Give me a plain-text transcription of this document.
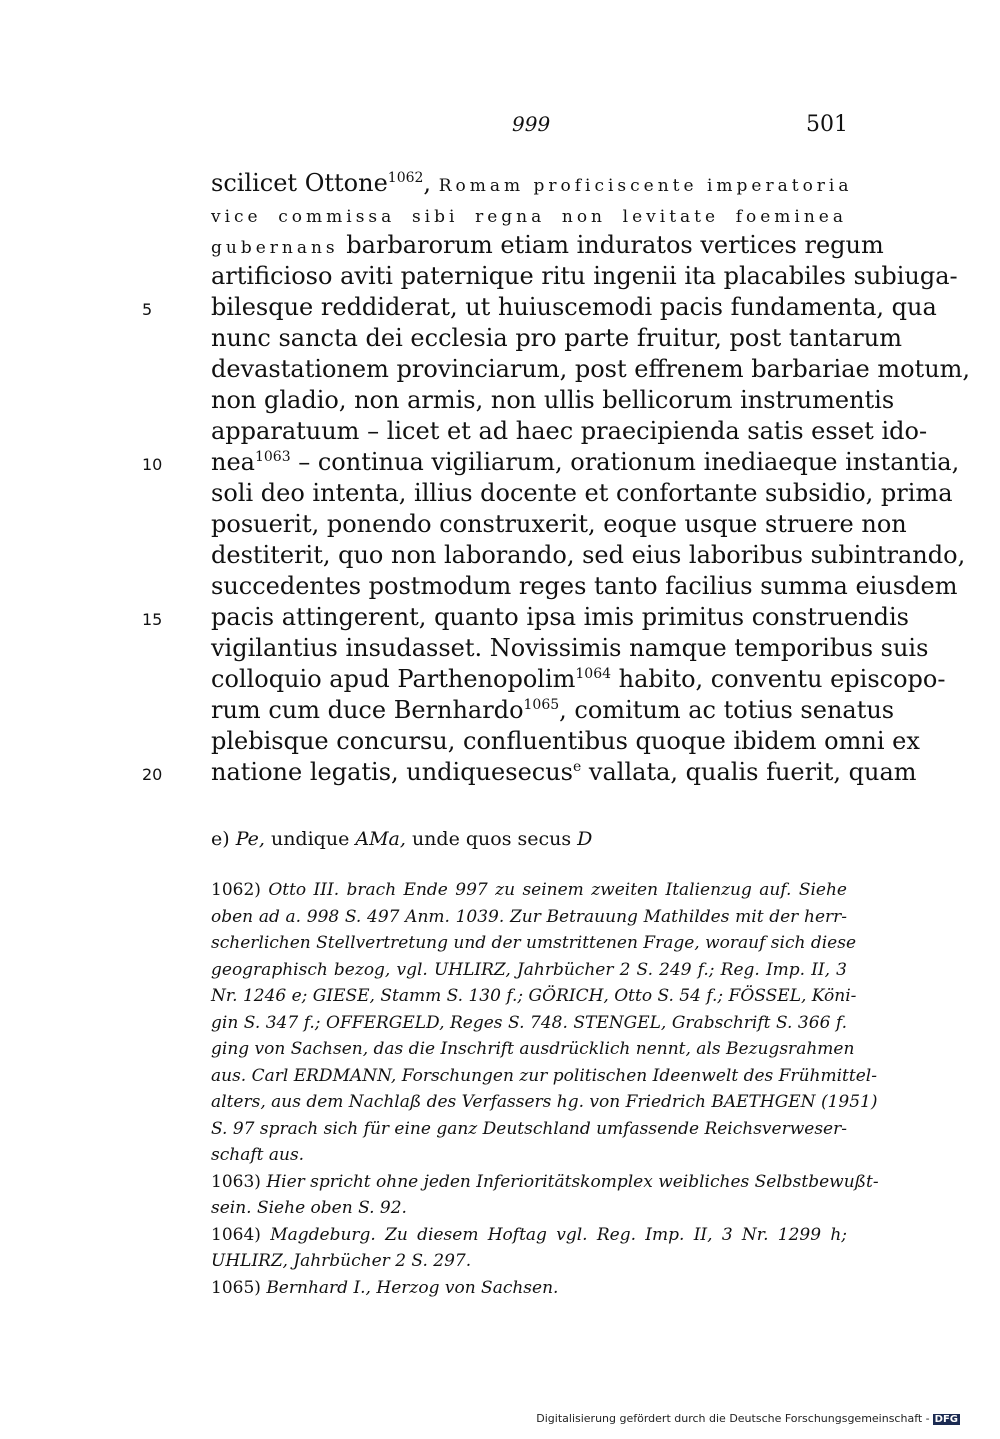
999	501
5
10
15
20
scilicet Ottone$^{1062}$, Romam proficiscente imperatoria
vice commissa sibi regna non levitate foeminea
gubernans barbarorum etiam induratos vertices regum
artificioso aviti paternique ritu ingenii ita placabiles subiuga-
bilesque reddiderat, ut huiuscemodi pacis fundamenta, qua
nunc sancta dei ecclesia pro parte fruitur, post tantarum
devastationem provinciarum, post effrenem barbariae motum,
non gladio, non armis, non ullis bellicorum instrumentis
apparatuum – licet et ad haec praecipienda satis esset ido-
nea$^{1063}$ – continua vigiliarum, orationum inediaeque instantia,
soli deo intenta, illius docente et confortante subsidio, prima
posuerit, ponendo construxerit, eoque usque struere non
destiterit, quo non laborando, sed eius laboribus subintrando,
succedentes postmodum reges tanto facilius summa eiusdem
pacis attingerent, quanto ipsa imis primitus construendis
vigilantius insudasset. Novissimis namque temporibus suis
colloquio apud Parthenopolim$^{1064}$ habito, conventu episcopo-
rum cum duce Bernhardo$^{1065}$, comitum ac totius senatus
plebisque concursu, confluentibus quoque ibidem omni ex
natione legatis, undiquesecus$^e$ vallata, qualis fuerit, quam
e) Pe, undique AMa, unde quos secus D
1062) Otto III. brach Ende 997 zu seinem zweiten Italienzug auf. Siehe
oben ad a. 998 S. 497 Anm. 1039. Zur Betrauung Mathildes mit der herr-
scherlichen Stellvertretung und der umstrittenen Frage, worauf sich diese
geographisch bezog, vgl. UHLIRZ, Jahrbücher 2 S. 249 f.; Reg. Imp. II, 3
Nr. 1246 e; GIESE, Stamm S. 130 f.; GÖRICH, Otto S. 54 f.; FÖSSEL, Köni-
gin S. 347 f.; OFFERGELD, Reges S. 748. STENGEL, Grabschrift S. 366 f.
ging von Sachsen, das die Inschrift ausdrücklich nennt, als Bezugsrahmen
aus. Carl ERDMANN, Forschungen zur politischen Ideenwelt des Frühmittel-
alters, aus dem Nachlaß des Verfassers hg. von Friedrich BAETHGEN (1951)
S. 97 sprach sich für eine ganz Deutschland umfassende Reichsverweser-
schaft aus.
1063) Hier spricht ohne jeden Inferioritätskomplex weibliches Selbstbewußt-
sein. Siehe oben S. 92.
1064) Magdeburg. Zu diesem Hoftag vgl. Reg. Imp. II, 3 Nr. 1299 h;
UHLIRZ, Jahrbücher 2 S. 297.
1065) Bernhard I., Herzog von Sachsen.
Digitalisierung gefördert durch die Deutsche Forschungsgemeinschaft - DFG
